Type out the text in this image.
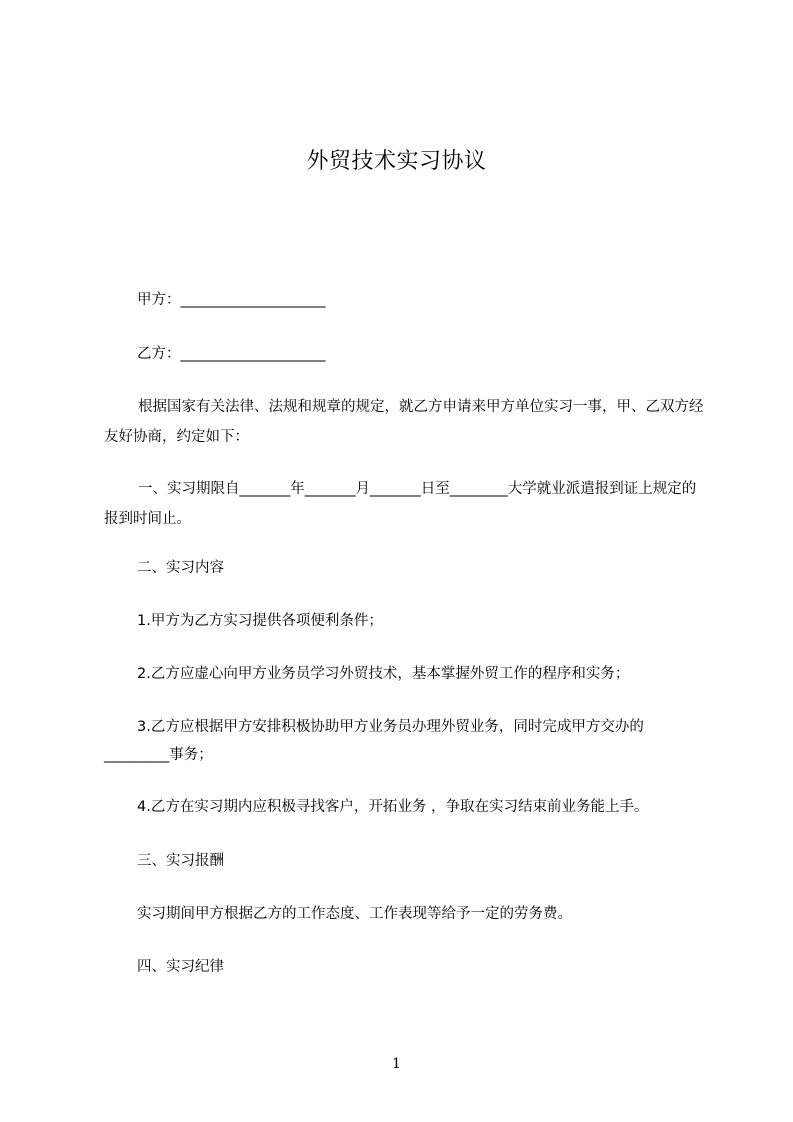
外贸技术实习协议
甲方：____________________
乙方：____________________
根据国家有关法律、法规和规章的规定，就乙方申请来甲方单位实习一事，甲、乙双方经友好协商，约定如下：
一、实习期限自_______年_______月_______日至________大学就业派遣报到证上规定的报到时间止。
二、实习内容
1.甲方为乙方实习提供各项便利条件；
2.乙方应虚心向甲方业务员学习外贸技术，基本掌握外贸工作的程序和实务；
3.乙方应根据甲方安排积极协助甲方业务员办理外贸业务，同时完成甲方交办的
_________事务；
4.乙方在实习期内应积极寻找客户，开拓业务 ，争取在实习结束前业务能上手。
三、实习报酬
实习期间甲方根据乙方的工作态度、工作表现等给予一定的劳务费。
四、实习纪律
1
